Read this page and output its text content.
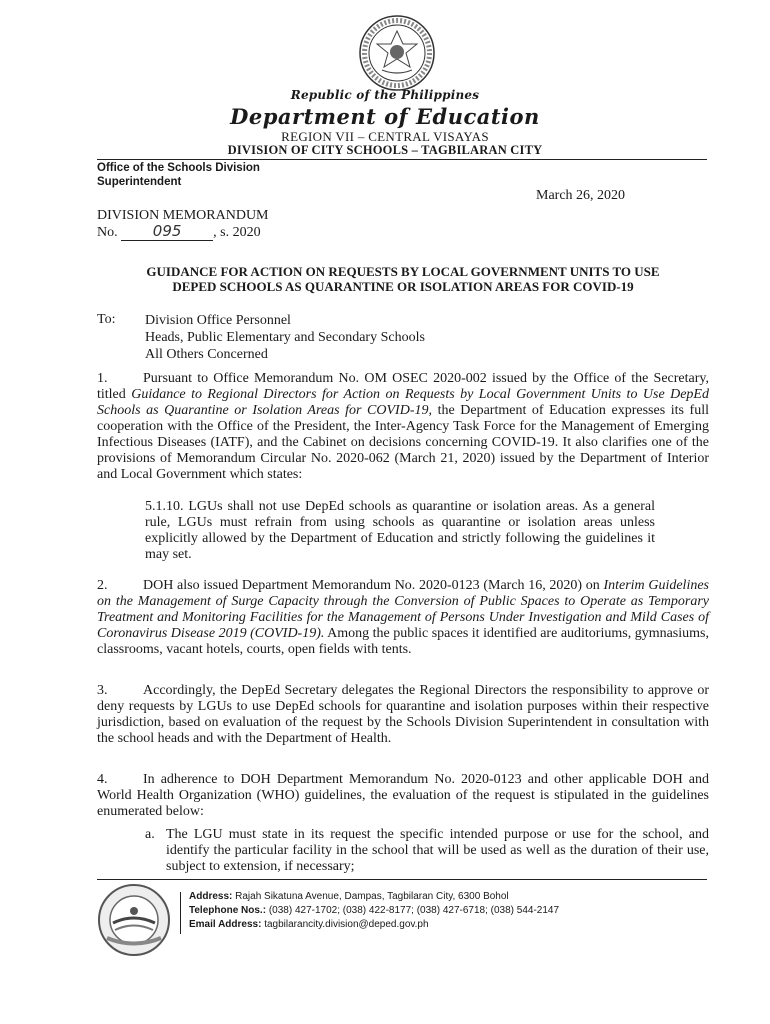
Republic of the Philippines
Department of Education
REGION VII – CENTRAL VISAYAS
DIVISION OF CITY SCHOOLS – TAGBILARAN CITY
Office of the Schools Division
Superintendent
March 26, 2020
DIVISION MEMORANDUM
No. 095 , s. 2020
GUIDANCE FOR ACTION ON REQUESTS BY LOCAL GOVERNMENT UNITS TO USE
DEPED SCHOOLS AS QUARANTINE OR ISOLATION AREAS FOR COVID-19
To: Division Office Personnel
Heads, Public Elementary and Secondary Schools
All Others Concerned
1.	Pursuant to Office Memorandum No. OM OSEC 2020-002 issued by the Office of the Secretary, titled Guidance to Regional Directors for Action on Requests by Local Government Units to Use DepEd Schools as Quarantine or Isolation Areas for COVID-19, the Department of Education expresses its full cooperation with the Office of the President, the Inter-Agency Task Force for the Management of Emerging Infectious Diseases (IATF), and the Cabinet on decisions concerning COVID-19. It also clarifies one of the provisions of Memorandum Circular No. 2020-062 (March 21, 2020) issued by the Department of Interior and Local Government which states:
5.1.10. LGUs shall not use DepEd schools as quarantine or isolation areas. As a general rule, LGUs must refrain from using schools as quarantine or isolation areas unless explicitly allowed by the Department of Education and strictly following the guidelines it may set.
2.	DOH also issued Department Memorandum No. 2020-0123 (March 16, 2020) on Interim Guidelines on the Management of Surge Capacity through the Conversion of Public Spaces to Operate as Temporary Treatment and Monitoring Facilities for the Management of Persons Under Investigation and Mild Cases of Coronavirus Disease 2019 (COVID-19). Among the public spaces it identified are auditoriums, gymnasiums, classrooms, vacant hotels, courts, open fields with tents.
3.	Accordingly, the DepEd Secretary delegates the Regional Directors the responsibility to approve or deny requests by LGUs to use DepEd schools for quarantine and isolation purposes within their respective jurisdiction, based on evaluation of the request by the Schools Division Superintendent in consultation with the school heads and with the Department of Health.
4.	In adherence to DOH Department Memorandum No. 2020-0123 and other applicable DOH and World Health Organization (WHO) guidelines, the evaluation of the request is stipulated in the guidelines enumerated below:
a. The LGU must state in its request the specific intended purpose or use for the school, and identify the particular facility in the school that will be used as well as the duration of their use, subject to extension, if necessary;
Address: Rajah Sikatuna Avenue, Dampas, Tagbilaran City, 6300 Bohol
Telephone Nos.: (038) 427-1702; (038) 422-8177; (038) 427-6718; (038) 544-2147
Email Address: tagbilarancity.division@deped.gov.ph
